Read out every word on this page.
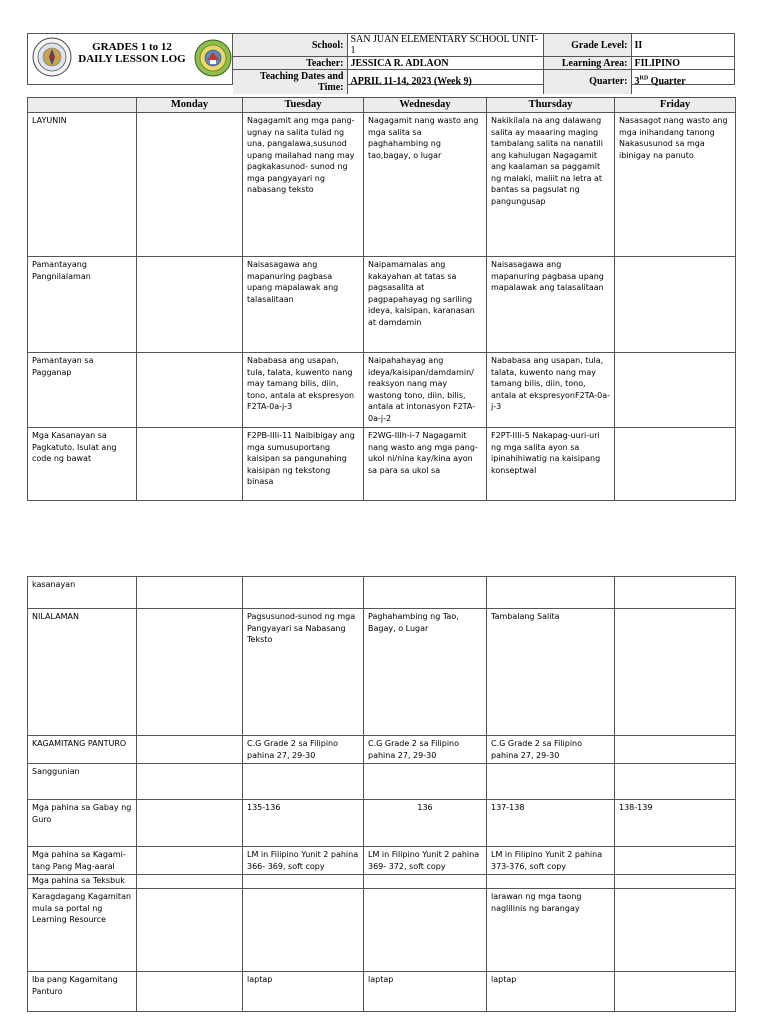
GRADES 1 to 12
DAILY LESSON LOG
School:	SAN JUAN ELEMENTARY SCHOOL UNIT-1	Grade Level:	II
Teacher:	JESSICA R. ADLAON	Learning Area:	FILIPINO

Teaching Dates and
Time:	APRIL 11-14, 2023 (Week 9)	Quarter:	3RD Quarter
	Monday	Tuesday	Wednesday	Thursday	Friday
LAYUNIN		Nagagamit ang mga pang-ugnay na salita tulad ng una, pangalawa,susunod upang mailahad nang may pagkakasunod- sunod ng mga pangyayari ng nabasang teksto	Nagagamit nang wasto ang mga salita sa paghahambing ng tao,bagay, o lugar	Nakikilala na ang dalawang salita ay maaaring maging tambalang salita na nanatili ang kahulugan Nagagamit ang kaalaman sa paggamit ng malaki, maliit na letra at bantas sa pagsulat ng pangungusap	Nasasagot nang wasto ang mga inihandang tanong Nakasusunod sa mga ibinigay na panuto
Pamantayang Pangnilalaman		Naisasagawa ang mapanuring pagbasa upang mapalawak ang talasalitaan	Naipamamalas ang kakayahan at tatas sa pagsasalita at pagpapahayag ng sariling ideya, kaisipan, karanasan at damdamin	Naisasagawa ang mapanuring pagbasa upang mapalawak ang talasalitaan	
Pamantayan sa Pagganap		Nababasa ang usapan, tula, talata, kuwento nang may tamang bilis, diin, tono, antala at ekspresyon F2TA-0a-j-3	Naipahahayag ang ideya/kaisipan/damdamin/ reaksyon nang may wastong tono, diin, bilis, antala at intonasyon F2TA-0a-j-2	Nababasa ang usapan, tula, talata, kuwento nang may tamang bilis, diin, tono, antala at ekspresyonF2TA-0a-j-3	
Mga Kasanayan sa Pagkatuto. Isulat ang code ng bawat		F2PB-IIIi-11 Naibibigay ang mga sumusuportang kaisipan sa pangunahing kaisipan ng tekstong binasa	F2WG-IIIh-i-7 Nagagamit nang wasto ang mga pang-ukol ni/nina kay/kina ayon sa para sa ukol sa	F2PT-IIIi-5 Nakapag-uuri-uri ng mga salita ayon sa ipinahihiwatig na kaisipang konseptwal	
kasanayan					
NILALAMAN		Pagsusunod-sunod ng mga Pangyayari sa Nabasang Teksto	Paghahambing ng Tao, Bagay, o Lugar	Tambalang Salita	
KAGAMITANG PANTURO		C.G Grade 2 sa Filipino pahina 27, 29-30	C.G Grade 2 sa Filipino pahina 27, 29-30	C.G Grade 2 sa Filipino pahina 27, 29-30	
Sanggunian					
Mga pahina sa Gabay ng Guro		135-136	136	137-138	138-139
Mga pahina sa Kagami-tang Pang Mag-aaral		LM in Filipino Yunit 2 pahina 366- 369, soft copy	LM in Filipino Yunit 2 pahina 369- 372, soft copy	LM in Filipino Yunit 2 pahina 373-376, soft copy	
Mga pahina sa Teksbuk					
Karagdagang Kagamitan mula sa portal ng Learning Resource				larawan ng mga taong naglilinis ng barangay	
Iba pang Kagamitang Panturo		laptap	laptap	laptap	
